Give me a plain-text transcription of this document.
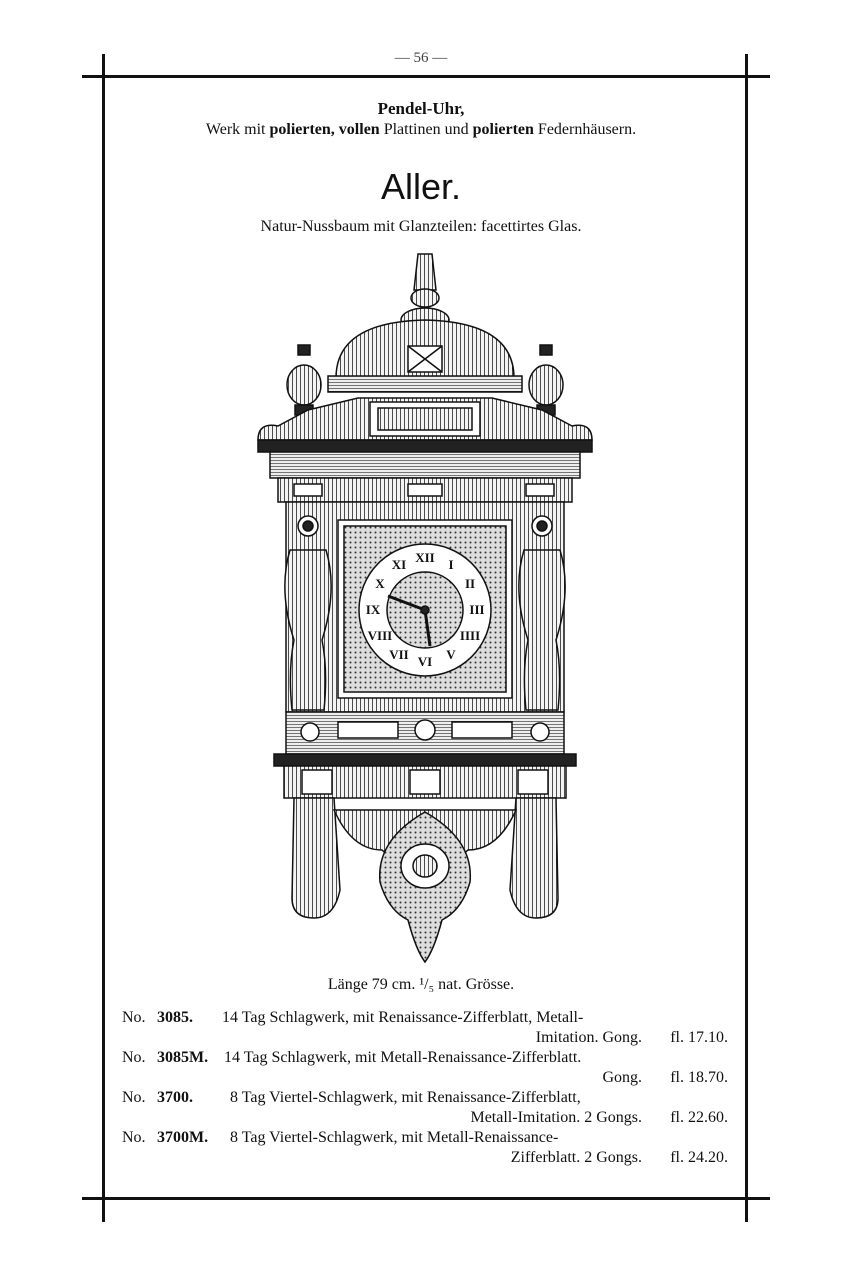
— 56 —
Pendel-Uhr,
Werk mit polierten, vollen Plattinen und polierten Federnhäusern.
Aller.
Natur-Nussbaum mit Glanzteilen: facettirtes Glas.
XII I
II
III
IIII
V
VI
VII
VIII
IX
X
XI
Länge 79 cm. ¹/₅ nat. Grösse.
No. 3085. 14 Tag Schlagwerk, mit Renaissance-Zifferblatt, Metall-
Imitation. Gong. fl. 17.10.
No. 3085M. 14 Tag Schlagwerk, mit Metall-Renaissance-Zifferblatt.
Gong. fl. 18.70.
No. 3700. 8 Tag Viertel-Schlagwerk, mit Renaissance-Zifferblatt,
Metall-Imitation. 2 Gongs. fl. 22.60.
No. 3700M. 8 Tag Viertel-Schlagwerk, mit Metall-Renaissance-
Zifferblatt. 2 Gongs. fl. 24.20.
